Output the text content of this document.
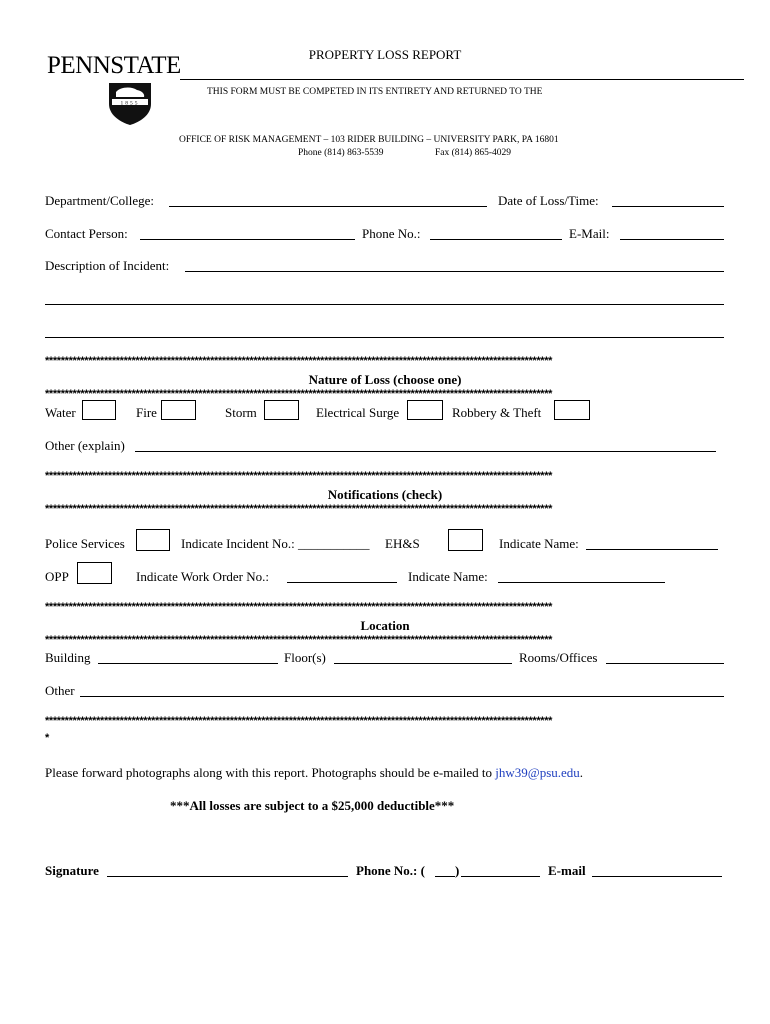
PENNSTATE
1855
PROPERTY LOSS REPORT
THIS FORM MUST BE COMPETED IN ITS ENTIRETY AND RETURNED TO THE
OFFICE OF RISK MANAGEMENT – 103 RIDER BUILDING – UNIVERSITY PARK, PA 16801
Phone (814) 863-5539	Fax (814) 865-4029
Department/College:	Date of Loss/Time:
Contact Person:	Phone No.:	E-Mail:
Description of Incident:
*********************************************************************************************************************************
Nature of Loss (choose one)
*********************************************************************************************************************************
Water	Fire	Storm	Electrical Surge	Robbery & Theft
Other (explain)
*********************************************************************************************************************************
Notifications (check)
*********************************************************************************************************************************
Police Services	Indicate Incident No.: ___________ EH&S	Indicate Name:
OPP	Indicate Work Order No.:	Indicate Name:
*********************************************************************************************************************************
Location
*********************************************************************************************************************************
Building	Floor(s)	Rooms/Offices
Other
*********************************************************************************************************************************
*
Please forward photographs along with this report. Photographs should be e-mailed to jhw39@psu.edu.
***All losses are subject to a $25,000 deductible***
Signature	Phone No.: ( )	E-mail
